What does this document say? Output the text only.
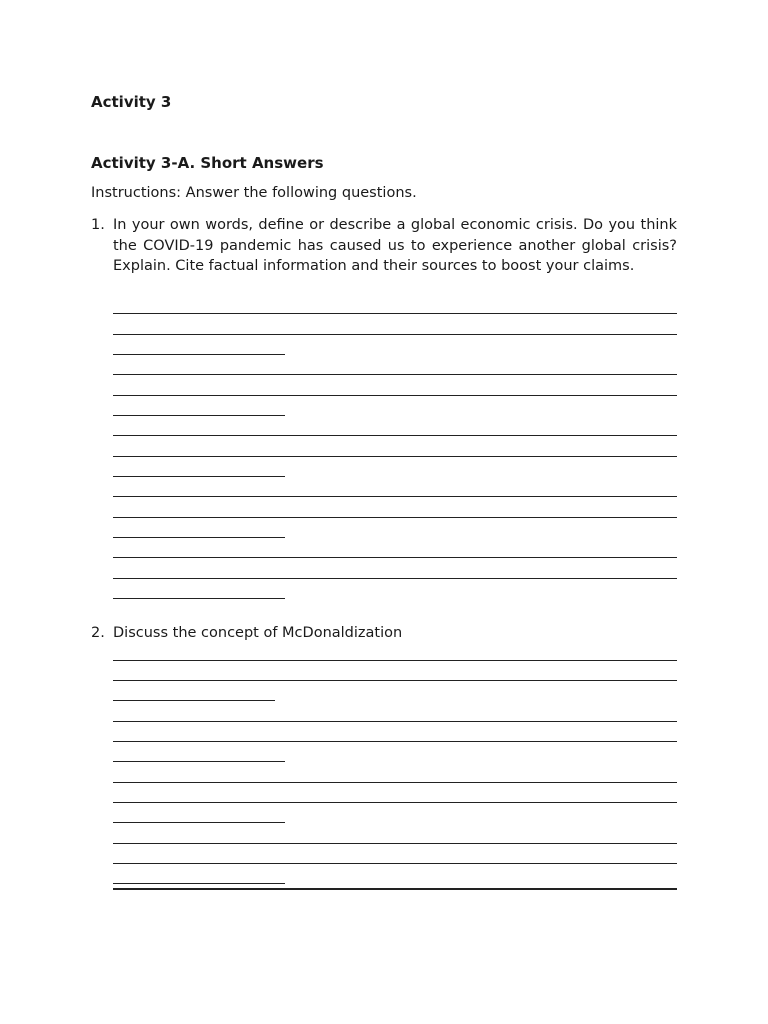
Activity 3
Activity 3-A. Short Answers
Instructions: Answer the following questions.
1. In your own words, define or describe a global economic crisis. Do you think the COVID-19 pandemic has caused us to experience another global crisis? Explain. Cite factual information and their sources to boost your claims.
2. Discuss the concept of McDonaldization
